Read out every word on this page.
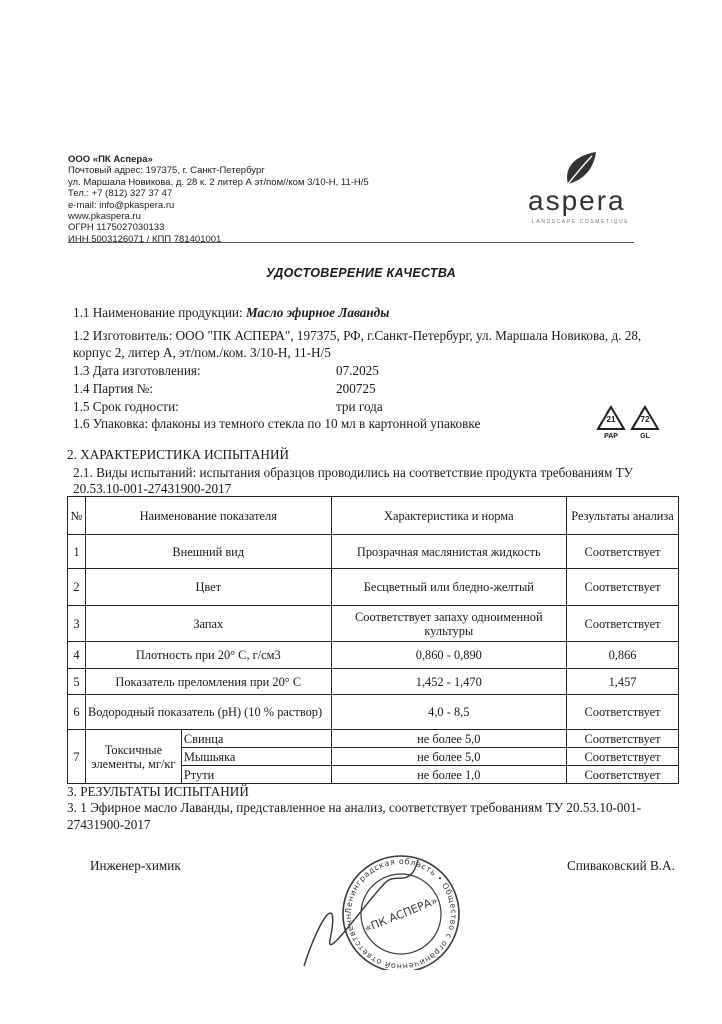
ООО «ПК Аспера»
Почтовый адрес: 197375, г. Санкт-Петербург
ул. Маршала Новикова, д. 28 к. 2 литер А эт/пом//ком 3/10-Н, 11-Н/5
Тел.: +7 (812) 327 37 47
e-mail: info@pkaspera.ru
www.pkaspera.ru
ОГРН 1175027030133
ИНН 5003126071 / КПП 781401001
aspera
LANDSCAPE COSMETIQUE
УДОСТОВЕРЕНИЕ КАЧЕСТВА
1.1 Наименование продукции: Масло эфирное Лаванды
1.2 Изготовитель: ООО "ПК АСПЕРА", 197375, РФ, г.Санкт-Петербург, ул. Маршала Новикова, д. 28,
корпус 2, литер А, эт/пом./ком. 3/10-Н, 11-Н/5
1.3 Дата изготовления:	07.2025
1.4 Партия №:	200725
1.5 Срок годности:	три года
1.6 Упаковка: флаконы из темного стекла по 10 мл в картонной упаковке	21
PAP
72
GL
2. ХАРАКТЕРИСТИКА ИСПЫТАНИЙ
2.1. Виды испытаний: испытания образцов проводились на соответствие продукта требованиям ТУ
20.53.10-001-27431900-2017
№	Наименование показателя		Характеристика и норма	Результаты анализа
1	Внешний вид		Прозрачная маслянистая жидкость	Соответствует
2	Цвет		Бесцветный или бледно-желтый	Соответствует
3	Запах		Соответствует запаху одноименной культуры	Соответствует
4	Плотность при 20° С, г/см3		0,860 - 0,890	0,866
5	Показатель преломления при 20° С		1,452 - 1,470	1,457
6	Водородный показатель (pH) (10 % раствор)		4,0 - 8,5	Соответствует
7	Токсичные элементы, мг/кг	Свинца	не более 5,0	Соответствует
		Мышьяка	не более 5,0	Соответствует
		Ртути	не более 1,0	Соответствует
3. РЕЗУЛЬТАТЫ ИСПЫТАНИЙ
3. 1 Эфирное масло Лаванды, представленное на анализ, соответствует требованиям ТУ 20.53.10-001-
27431900-2017
Инженер-химик	Спиваковский В.А.
Ленинградская область • Общество с ограниченной ответственн «ПК АСПЕРА»
